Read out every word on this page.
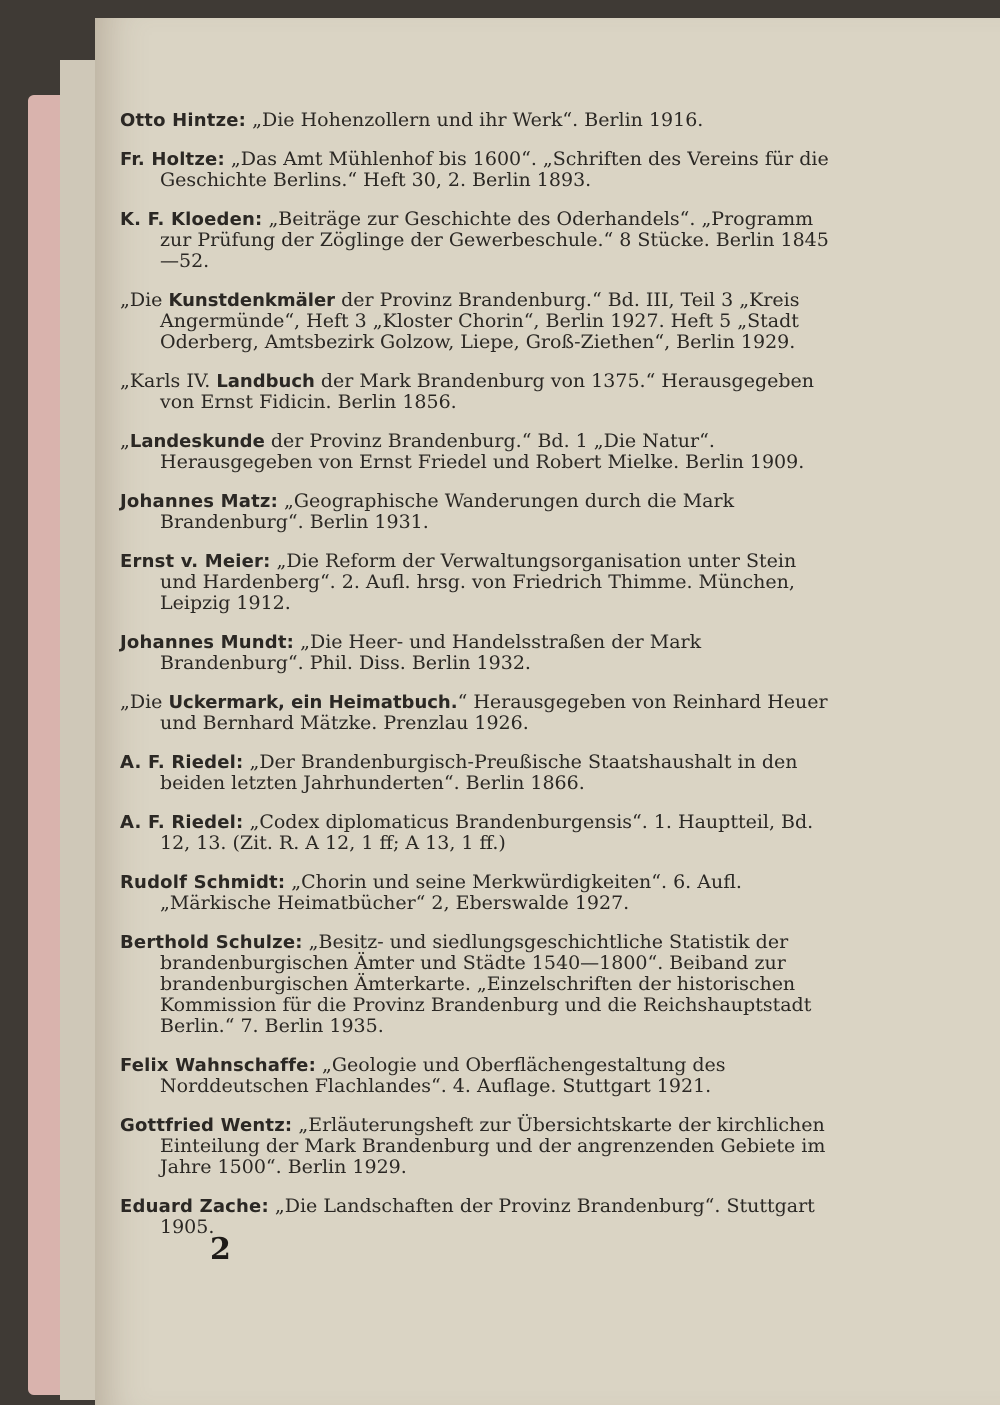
Otto Hintze: „Die Hohenzollern und ihr Werk“. Berlin 1916.
Fr. Holtze: „Das Amt Mühlenhof bis 1600“. „Schriften des Vereins für die Geschichte Berlins.“ Heft 30, 2. Berlin 1893.
K. F. Kloeden: „Beiträge zur Geschichte des Oderhandels“. „Programm zur Prüfung der Zöglinge der Gewerbeschule.“ 8 Stücke. Berlin 1845—52.
„Die Kunstdenkmäler der Provinz Brandenburg.“ Bd. III, Teil 3 „Kreis Angermünde“, Heft 3 „Kloster Chorin“, Berlin 1927. Heft 5 „Stadt Oderberg, Amtsbezirk Golzow, Liepe, Groß-Ziethen“, Berlin 1929.
„Karls IV. Landbuch der Mark Brandenburg von 1375.“ Herausgegeben von Ernst Fidicin. Berlin 1856.
„Landeskunde der Provinz Brandenburg.“ Bd. 1 „Die Natur“. Herausgegeben von Ernst Friedel und Robert Mielke. Berlin 1909.
Johannes Matz: „Geographische Wanderungen durch die Mark Brandenburg“. Berlin 1931.
Ernst v. Meier: „Die Reform der Verwaltungsorganisation unter Stein und Hardenberg“. 2. Aufl. hrsg. von Friedrich Thimme. München, Leipzig 1912.
Johannes Mundt: „Die Heer- und Handelsstraßen der Mark Brandenburg“. Phil. Diss. Berlin 1932.
„Die Uckermark, ein Heimatbuch.“ Herausgegeben von Reinhard Heuer und Bernhard Mätzke. Prenzlau 1926.
A. F. Riedel: „Der Brandenburgisch-Preußische Staatshaushalt in den beiden letzten Jahrhunderten“. Berlin 1866.
A. F. Riedel: „Codex diplomaticus Brandenburgensis“. 1. Hauptteil, Bd. 12, 13. (Zit. R. A 12, 1 ff; A 13, 1 ff.)
Rudolf Schmidt: „Chorin und seine Merkwürdigkeiten“. 6. Aufl. „Märkische Heimatbücher“ 2, Eberswalde 1927.
Berthold Schulze: „Besitz- und siedlungsgeschichtliche Statistik der brandenburgischen Ämter und Städte 1540—1800“. Beiband zur brandenburgischen Ämterkarte. „Einzelschriften der historischen Kommission für die Provinz Brandenburg und die Reichshauptstadt Berlin.“ 7. Berlin 1935.
Felix Wahnschaffe: „Geologie und Oberflächengestaltung des Norddeutschen Flachlandes“. 4. Auflage. Stuttgart 1921.
Gottfried Wentz: „Erläuterungsheft zur Übersichtskarte der kirchlichen Einteilung der Mark Brandenburg und der angrenzenden Gebiete im Jahre 1500“. Berlin 1929.
Eduard Zache: „Die Landschaften der Provinz Brandenburg“. Stuttgart 1905.
2
